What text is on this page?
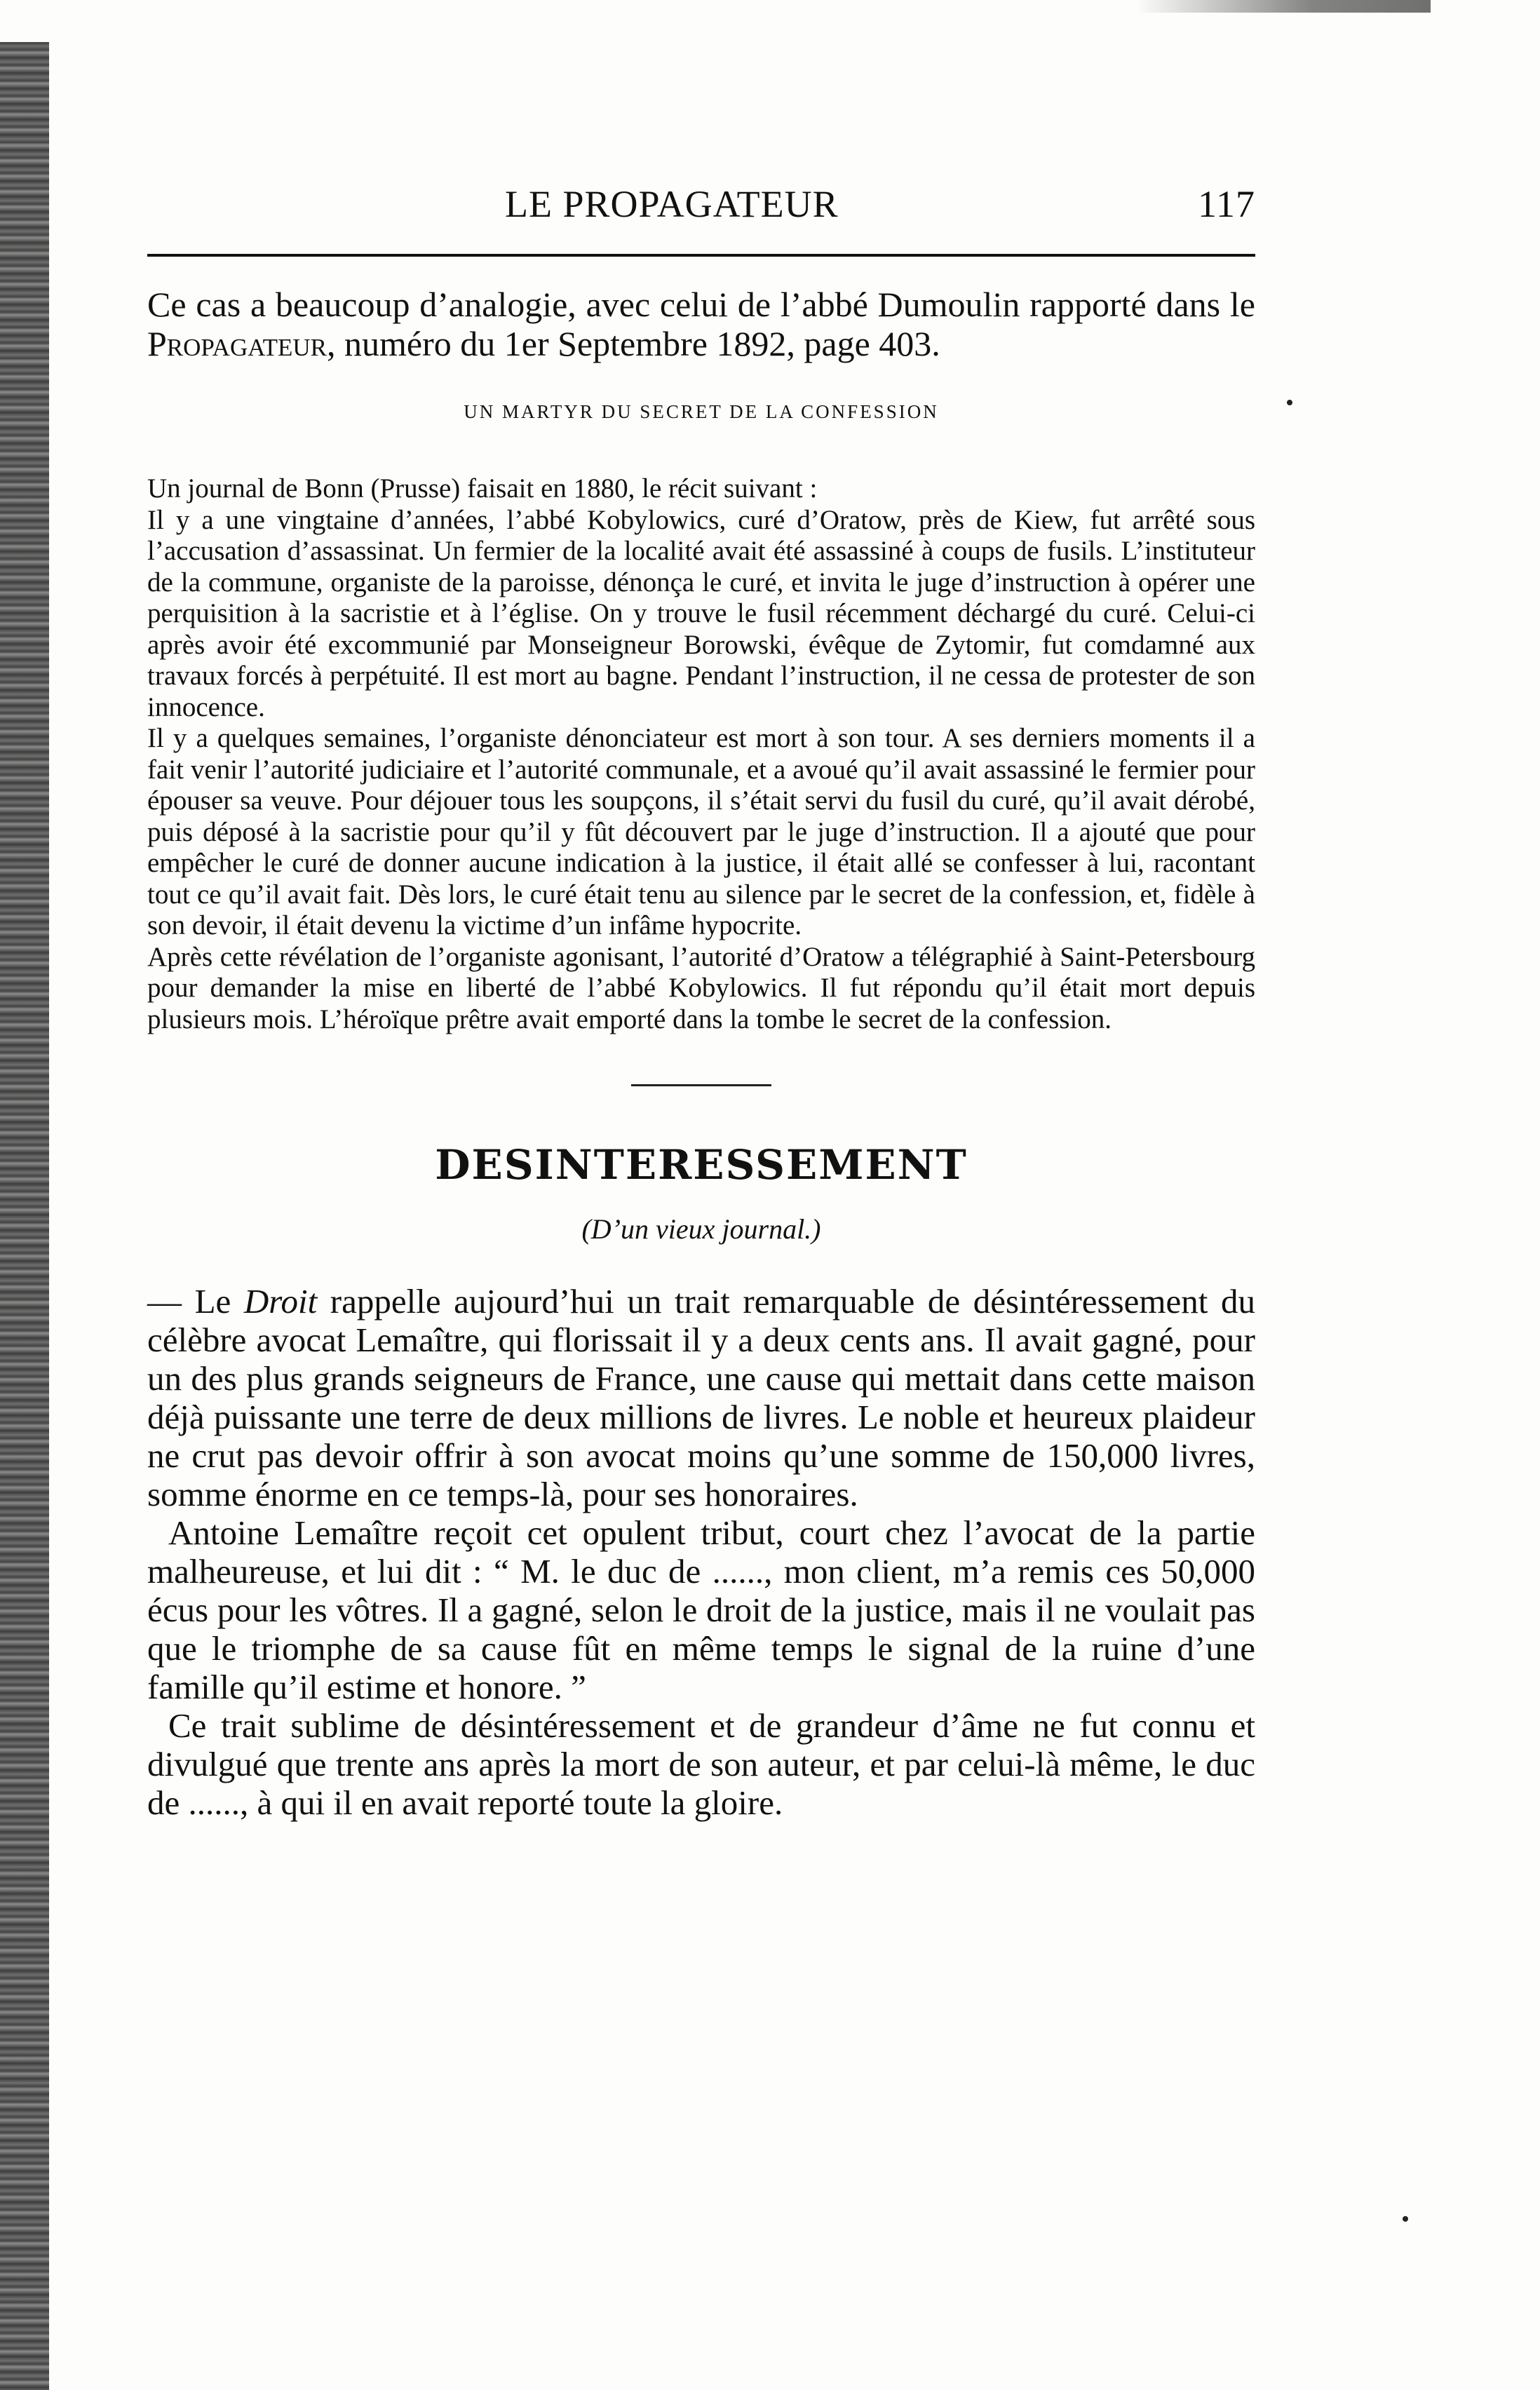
LE PROPAGATEUR	117

Ce cas a beaucoup d’analogie, avec celui de l’abbé Dumoulin rapporté dans le Propagateur, numéro du 1er Septembre 1892, page 403.

UN MARTYR DU SECRET DE LA CONFESSION

Un journal de Bonn (Prusse) faisait en 1880, le récit suivant :

Il y a une vingtaine d’années, l’abbé Kobylowics, curé d’Oratow, près de Kiew, fut arrêté sous l’accusation d’assassinat. Un fermier de la localité avait été assassiné à coups de fusils. L’instituteur de la commune, organiste de la paroisse, dénonça le curé, et invita le juge d’instruction à opérer une perquisition à la sacristie et à l’église. On y trouve le fusil récemment déchargé du curé. Celui-ci après avoir été excommunié par Monseigneur Borowski, évêque de Zytomir, fut comdamné aux travaux forcés à perpétuité. Il est mort au bagne. Pendant l’instruction, il ne cessa de protester de son innocence.

Il y a quelques semaines, l’organiste dénonciateur est mort à son tour. A ses derniers moments il a fait venir l’autorité judiciaire et l’autorité communale, et a avoué qu’il avait assassiné le fermier pour épouser sa veuve. Pour déjouer tous les soupçons, il s’était servi du fusil du curé, qu’il avait dérobé, puis déposé à la sacristie pour qu’il y fût découvert par le juge d’instruction. Il a ajouté que pour empêcher le curé de donner aucune indication à la justice, il était allé se confesser à lui, racontant tout ce qu’il avait fait. Dès lors, le curé était tenu au silence par le secret de la confession, et, fidèle à son devoir, il était devenu la victime d’un infâme hypocrite.

Après cette révélation de l’organiste agonisant, l’autorité d’Oratow a télégraphié à Saint-Petersbourg pour demander la mise en liberté de l’abbé Kobylowics. Il fut répondu qu’il était mort depuis plusieurs mois. L’héroïque prêtre avait emporté dans la tombe le secret de la confession.

DESINTERESSEMENT
(D’un vieux journal.)

— Le Droit rappelle aujourd’hui un trait remarquable de désintéressement du célèbre avocat Lemaître, qui florissait il y a deux cents ans. Il avait gagné, pour un des plus grands seigneurs de France, une cause qui mettait dans cette maison déjà puissante une terre de deux millions de livres. Le noble et heureux plaideur ne crut pas devoir offrir à son avocat moins qu’une somme de 150,000 livres, somme énorme en ce temps-là, pour ses honoraires.

Antoine Lemaître reçoit cet opulent tribut, court chez l’avocat de la partie malheureuse, et lui dit : “ M. le duc de ......, mon client, m’a remis ces 50,000 écus pour les vôtres. Il a gagné, selon le droit de la justice, mais il ne voulait pas que le triomphe de sa cause fût en même temps le signal de la ruine d’une famille qu’il estime et honore. ”

Ce trait sublime de désintéressement et de grandeur d’âme ne fut connu et divulgué que trente ans après la mort de son auteur, et par celui-là même, le duc de ......, à qui il en avait reporté toute la gloire.
